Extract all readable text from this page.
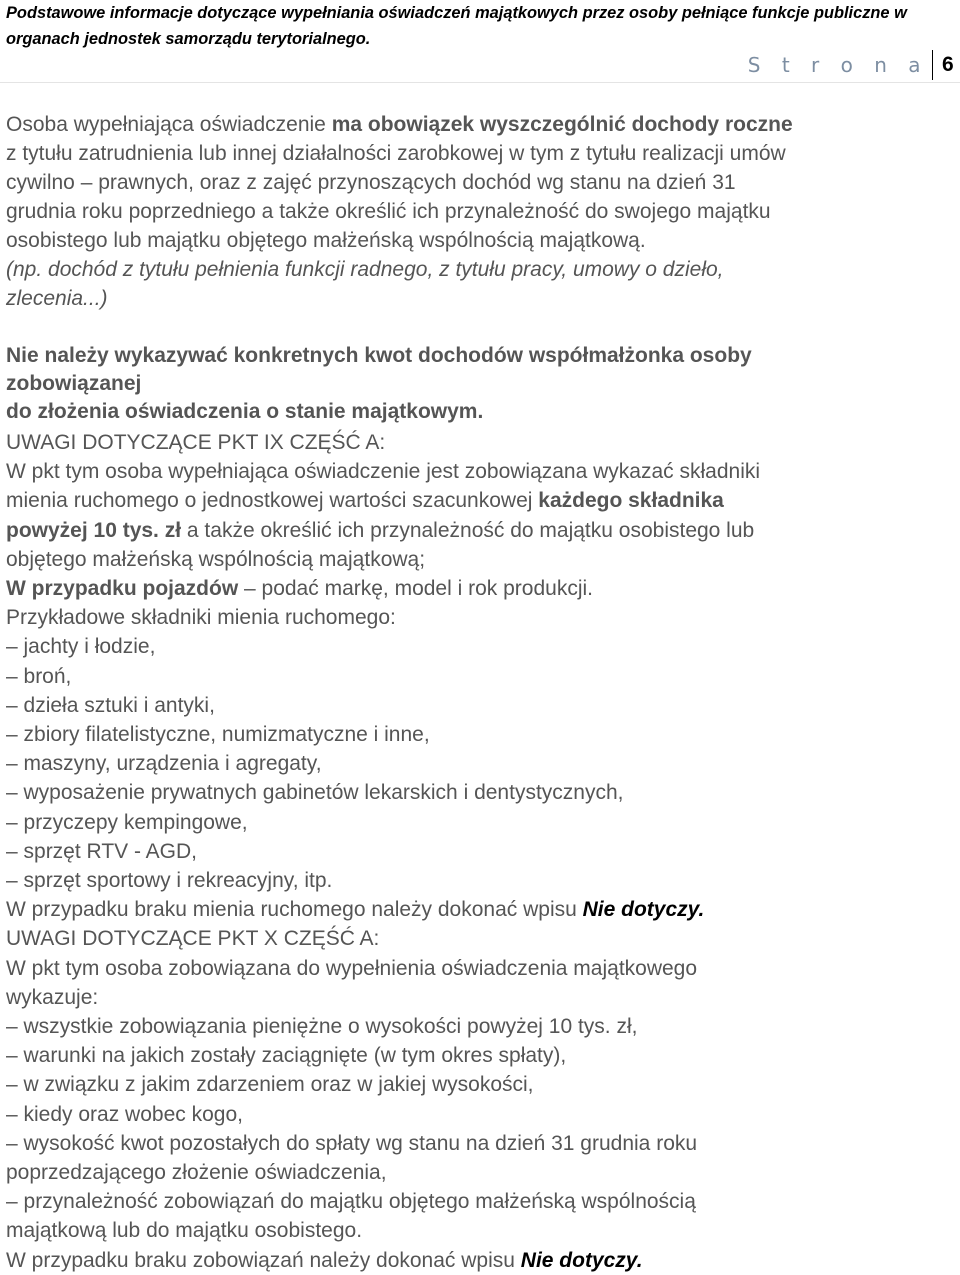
Podstawowe informacje dotyczące wypełniania oświadczeń majątkowych przez osoby pełniące funkcje publiczne w organach jednostek samorządu terytorialnego.
S t r o n a 6
Osoba wypełniająca oświadczenie ma obowiązek wyszczególnić dochody roczne
z tytułu zatrudnienia lub innej działalności zarobkowej w tym z tytułu realizacji umów
cywilno – prawnych, oraz z zajęć przynoszących dochód wg stanu na dzień 31
grudnia roku poprzedniego a także określić ich przynależność do swojego majątku
osobistego lub majątku objętego małżeńską wspólnością majątkową.
(np. dochód z tytułu pełnienia funkcji radnego, z tytułu pracy, umowy o dzieło,
zlecenia...)
Nie należy wykazywać konkretnych kwot dochodów współmałżonka osoby
zobowiązanej
do złożenia oświadczenia o stanie majątkowym.
UWAGI DOTYCZĄCE PKT IX CZĘŚĆ A:
W pkt tym osoba wypełniająca oświadczenie jest zobowiązana wykazać składniki
mienia ruchomego o jednostkowej wartości szacunkowej każdego składnika
powyżej 10 tys. zł a także określić ich przynależność do majątku osobistego lub
objętego małżeńską wspólnością majątkową;
W przypadku pojazdów – podać markę, model i rok produkcji.
Przykładowe składniki mienia ruchomego:
– jachty i łodzie,
– broń,
– dzieła sztuki i antyki,
– zbiory filatelistyczne, numizmatyczne i inne,
– maszyny, urządzenia i agregaty,
– wyposażenie prywatnych gabinetów lekarskich i dentystycznych,
– przyczepy kempingowe,
– sprzęt RTV - AGD,
– sprzęt sportowy i rekreacyjny, itp.
W przypadku braku mienia ruchomego należy dokonać wpisu Nie dotyczy.
UWAGI DOTYCZĄCE PKT X CZĘŚĆ A:
W pkt tym osoba zobowiązana do wypełnienia oświadczenia majątkowego
wykazuje:
– wszystkie zobowiązania pieniężne o wysokości powyżej 10 tys. zł,
– warunki na jakich zostały zaciągnięte (w tym okres spłaty),
– w związku z jakim zdarzeniem oraz w jakiej wysokości,
– kiedy oraz wobec kogo,
– wysokość kwot pozostałych do spłaty wg stanu na dzień 31 grudnia roku
poprzedzającego złożenie oświadczenia,
– przynależność zobowiązań do majątku objętego małżeńską wspólnością
majątkową lub do majątku osobistego.
W przypadku braku zobowiązań należy dokonać wpisu Nie dotyczy.
